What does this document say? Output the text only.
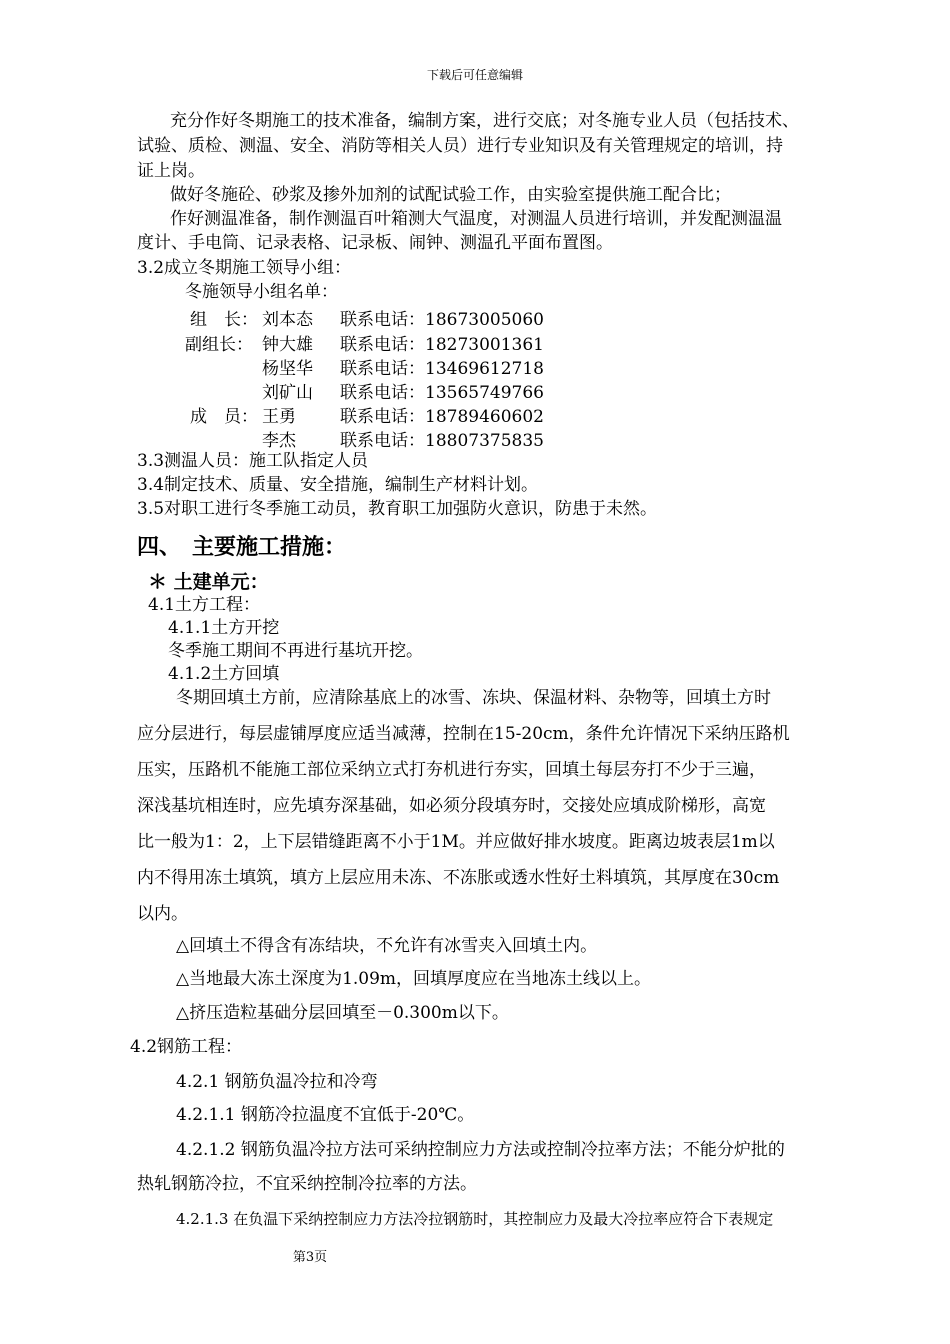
下载后可任意编辑
充分作好冬期施工的技术准备，编制方案，进行交底；对冬施专业人员（包括技术、
试验、质检、测温、安全、消防等相关人员）进行专业知识及有关管理规定的培训，持
证上岗。
做好冬施砼、砂浆及掺外加剂的试配试验工作，由实验室提供施工配合比；
作好测温准备，制作测温百叶箱测大气温度，对测温人员进行培训，并发配测温温
度计、手电筒、记录表格、记录板、闹钟、测温孔平面布置图。
3.2成立冬期施工领导小组：
冬施领导小组名单：
组　长： 刘本态 联系电话：18673005060
副组长： 钟大雄 联系电话：18273001361
杨坚华 联系电话：13469612718
刘矿山 联系电话：13565749766
成　员： 王勇	联系电话：18789460602
李杰	联系电话：18807375835
3.3测温人员：施工队指定人员
3.4制定技术、质量、安全措施，编制生产材料计划。
3.5对职工进行冬季施工动员，教育职工加强防火意识，防患于未然。
四、　主要施工措施：
＊ 土建单元：
4.1土方工程：
4.1.1土方开挖
冬季施工期间不再进行基坑开挖。
4.1.2土方回填
冬期回填土方前，应清除基底上的冰雪、冻块、保温材料、杂物等，回填土方时
应分层进行，每层虚铺厚度应适当减薄，控制在15-20cm，条件允许情况下采纳压路机
压实，压路机不能施工部位采纳立式打夯机进行夯实，回填土每层夯打不少于三遍，
深浅基坑相连时，应先填夯深基础，如必须分段填夯时，交接处应填成阶梯形，高宽
比一般为1：2，上下层错缝距离不小于1M。并应做好排水坡度。距离边坡表层1m以
内不得用冻土填筑，填方上层应用未冻、不冻胀或透水性好土料填筑，其厚度在30cm
以内。
△回填土不得含有冻结块，不允许有冰雪夹入回填土内。
△当地最大冻土深度为1.09m，回填厚度应在当地冻土线以上。
△挤压造粒基础分层回填至－0.300m以下。
4.2钢筋工程：
4.2.1 钢筋负温冷拉和冷弯
4.2.1.1 钢筋冷拉温度不宜低于-20℃。
4.2.1.2 钢筋负温冷拉方法可采纳控制应力方法或控制冷拉率方法；不能分炉批的
热轧钢筋冷拉，不宜采纳控制冷拉率的方法。
4.2.1.3 在负温下采纳控制应力方法冷拉钢筋时，其控制应力及最大冷拉率应符合下表规定
第3页
